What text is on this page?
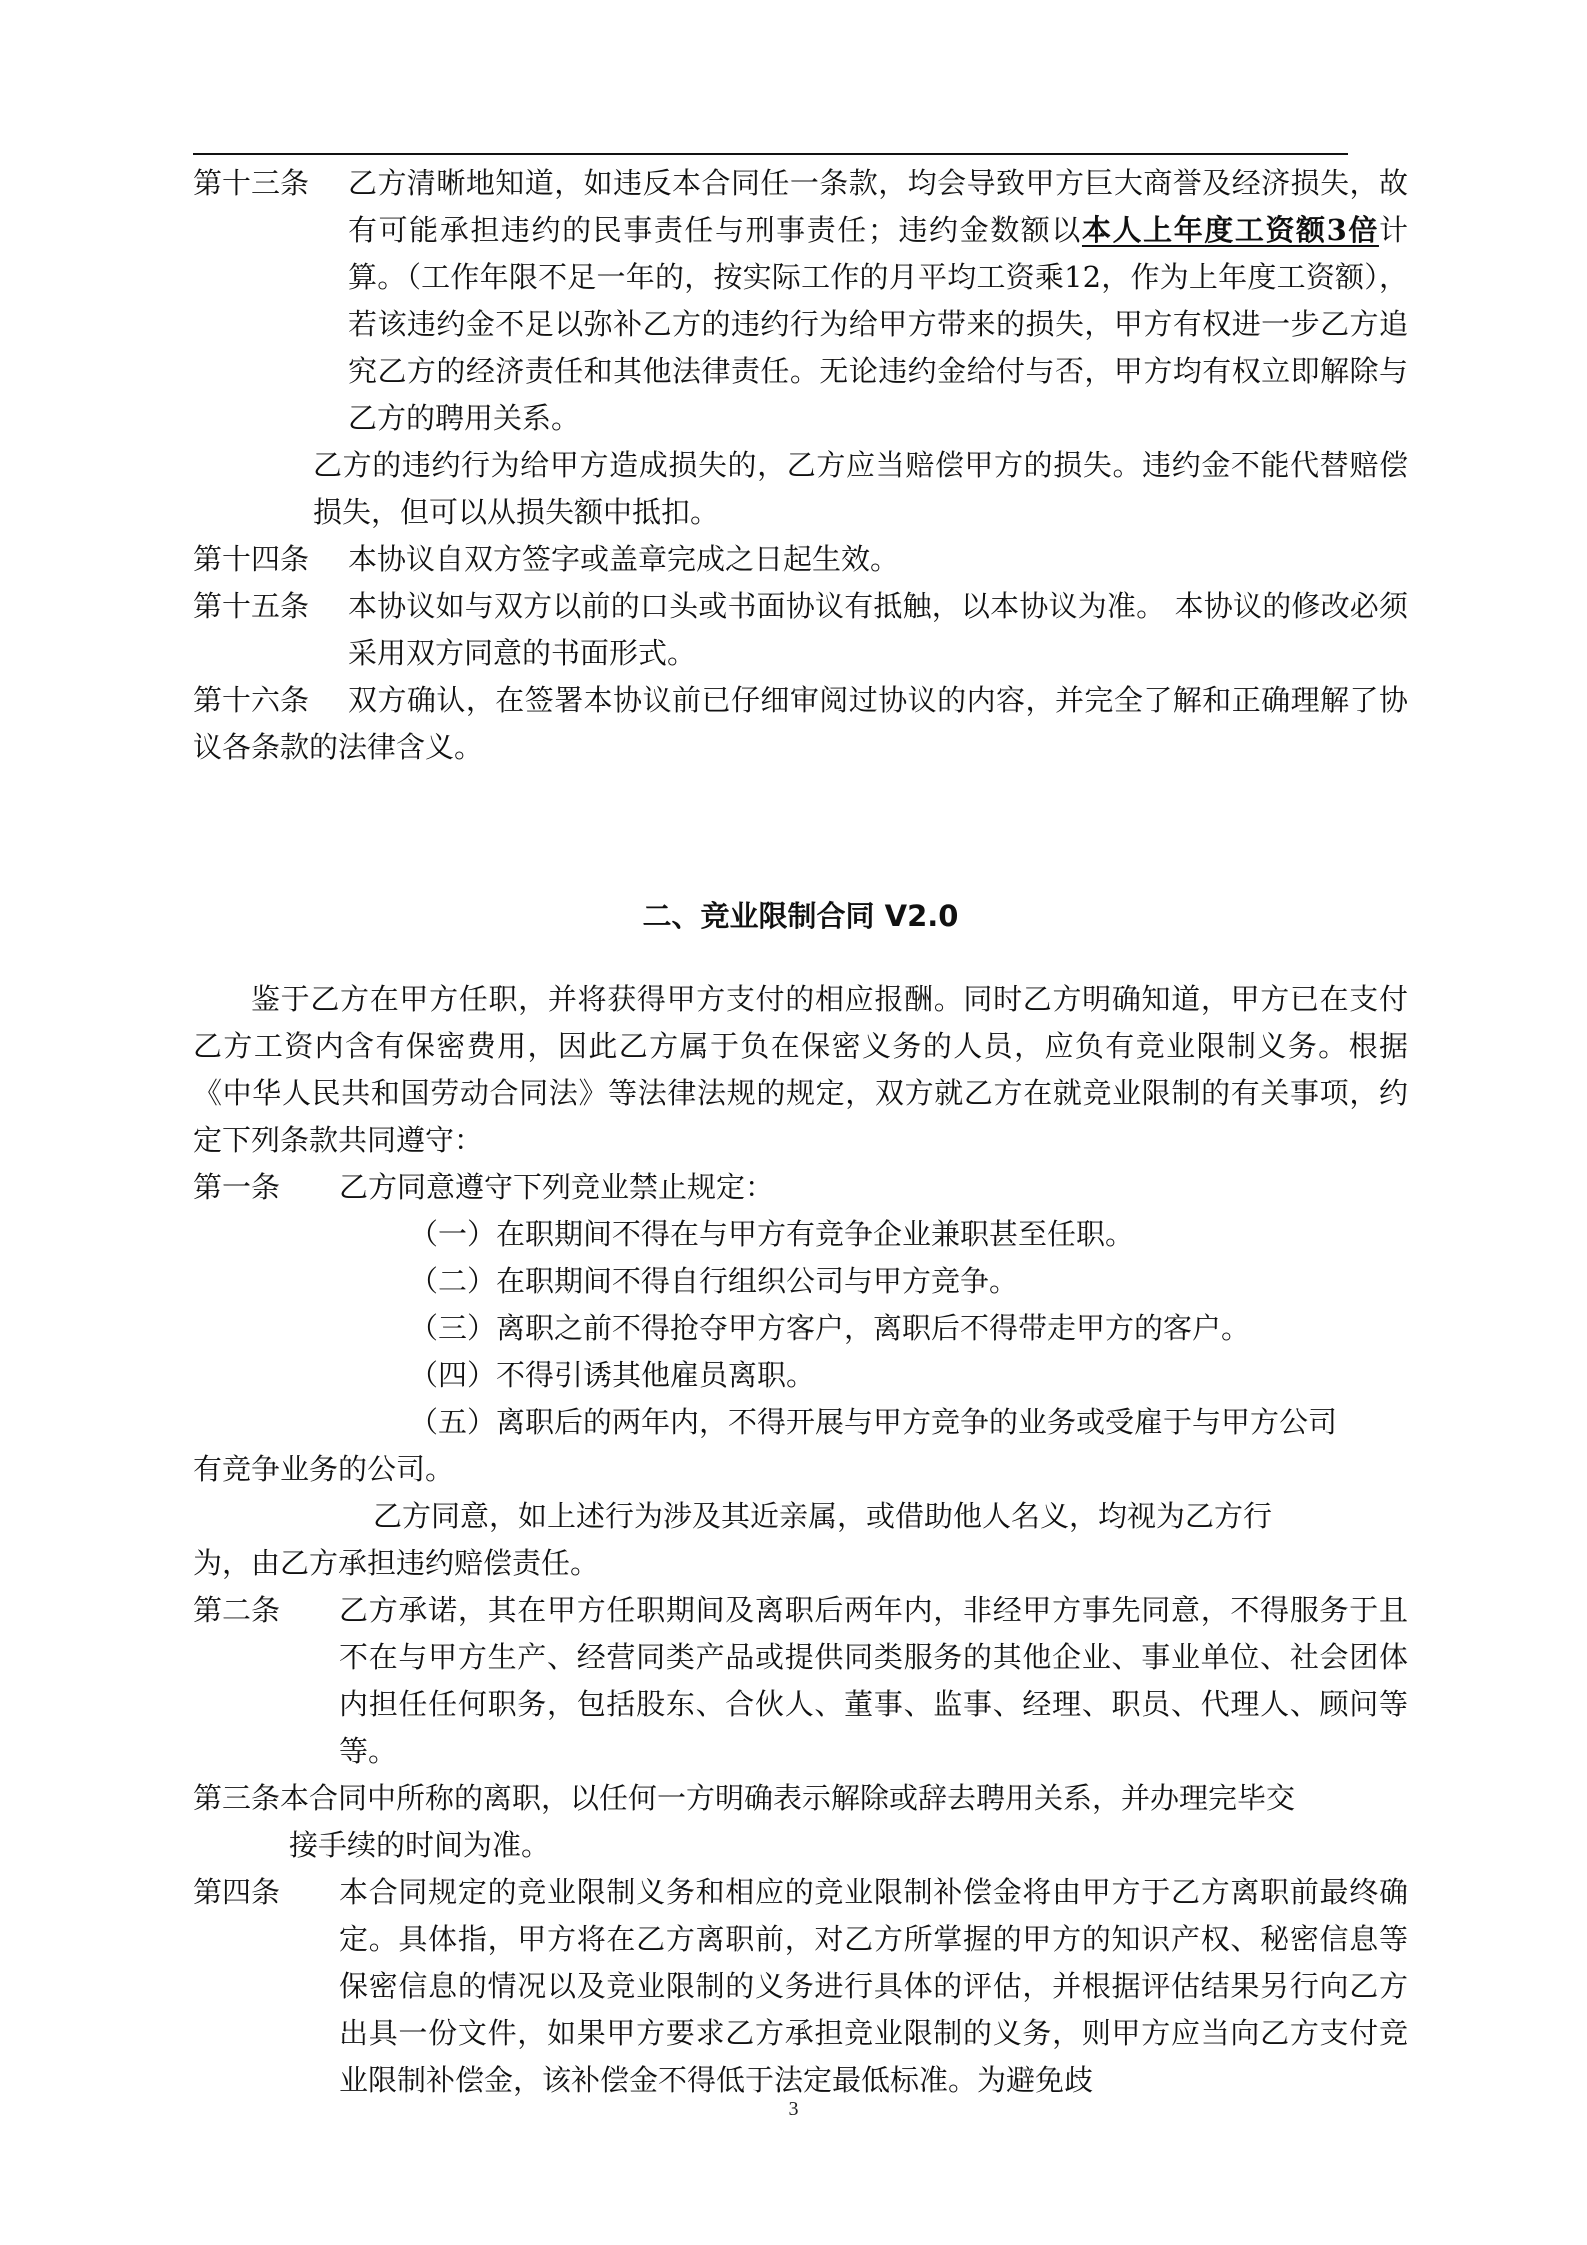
第十三条	乙方清晰地知道，如违反本合同任一条款，均会导致甲方巨大商誉及经济损失，故有可能承担违约的民事责任与刑事责任；违约金数额以本人上年度工资额3倍计算。（工作年限不足一年的，按实际工作的月平均工资乘12，作为上年度工资额），若该违约金不足以弥补乙方的违约行为给甲方带来的损失，甲方有权进一步乙方追究乙方的经济责任和其他法律责任。无论违约金给付与否，甲方均有权立即解除与乙方的聘用关系。

乙方的违约行为给甲方造成损失的，乙方应当赔偿甲方的损失。违约金不能代替赔偿损失，但可以从损失额中抵扣。

第十四条	本协议自双方签字或盖章完成之日起生效。

第十五条	本协议如与双方以前的口头或书面协议有抵触，以本协议为准。 本协议的修改必须采用双方同意的书面形式。

第十六条	双方确认，在签署本协议前已仔细审阅过协议的内容，并完全了解和正确理解了协议各条款的法律含义。

二、竞业限制合同 V2.0

鉴于乙方在甲方任职，并将获得甲方支付的相应报酬。同时乙方明确知道，甲方已在支付乙方工资内含有保密费用，因此乙方属于负在保密义务的人员，应负有竞业限制义务。根据《中华人民共和国劳动合同法》等法律法规的规定，双方就乙方在就竞业限制的有关事项，约定下列条款共同遵守：

第一条	乙方同意遵守下列竞业禁止规定：

（一）在职期间不得在与甲方有竞争企业兼职甚至任职。

（二）在职期间不得自行组织公司与甲方竞争。

（三）离职之前不得抢夺甲方客户，离职后不得带走甲方的客户。

（四）不得引诱其他雇员离职。

（五）离职后的两年内，不得开展与甲方竞争的业务或受雇于与甲方公司

有竞争业务的公司。

乙方同意，如上述行为涉及其近亲属，或借助他人名义，均视为乙方行

为，由乙方承担违约赔偿责任。

第二条	乙方承诺，其在甲方任职期间及离职后两年内，非经甲方事先同意，不得服务于且不在与甲方生产、经营同类产品或提供同类服务的其他企业、事业单位、社会团体内担任任何职务，包括股东、合伙人、董事、监事、经理、职员、代理人、顾问等等。

第三条本合同中所称的离职，以任何一方明确表示解除或辞去聘用关系，并办理完毕交

接手续的时间为准。

第四条	本合同规定的竞业限制义务和相应的竞业限制补偿金将由甲方于乙方离职前最终确定。具体指，甲方将在乙方离职前，对乙方所掌握的甲方的知识产权、秘密信息等保密信息的情况以及竞业限制的义务进行具体的评估，并根据评估结果另行向乙方出具一份文件，如果甲方要求乙方承担竞业限制的义务，则甲方应当向乙方支付竞业限制补偿金，该补偿金不得低于法定最低标准。为避免歧

3
